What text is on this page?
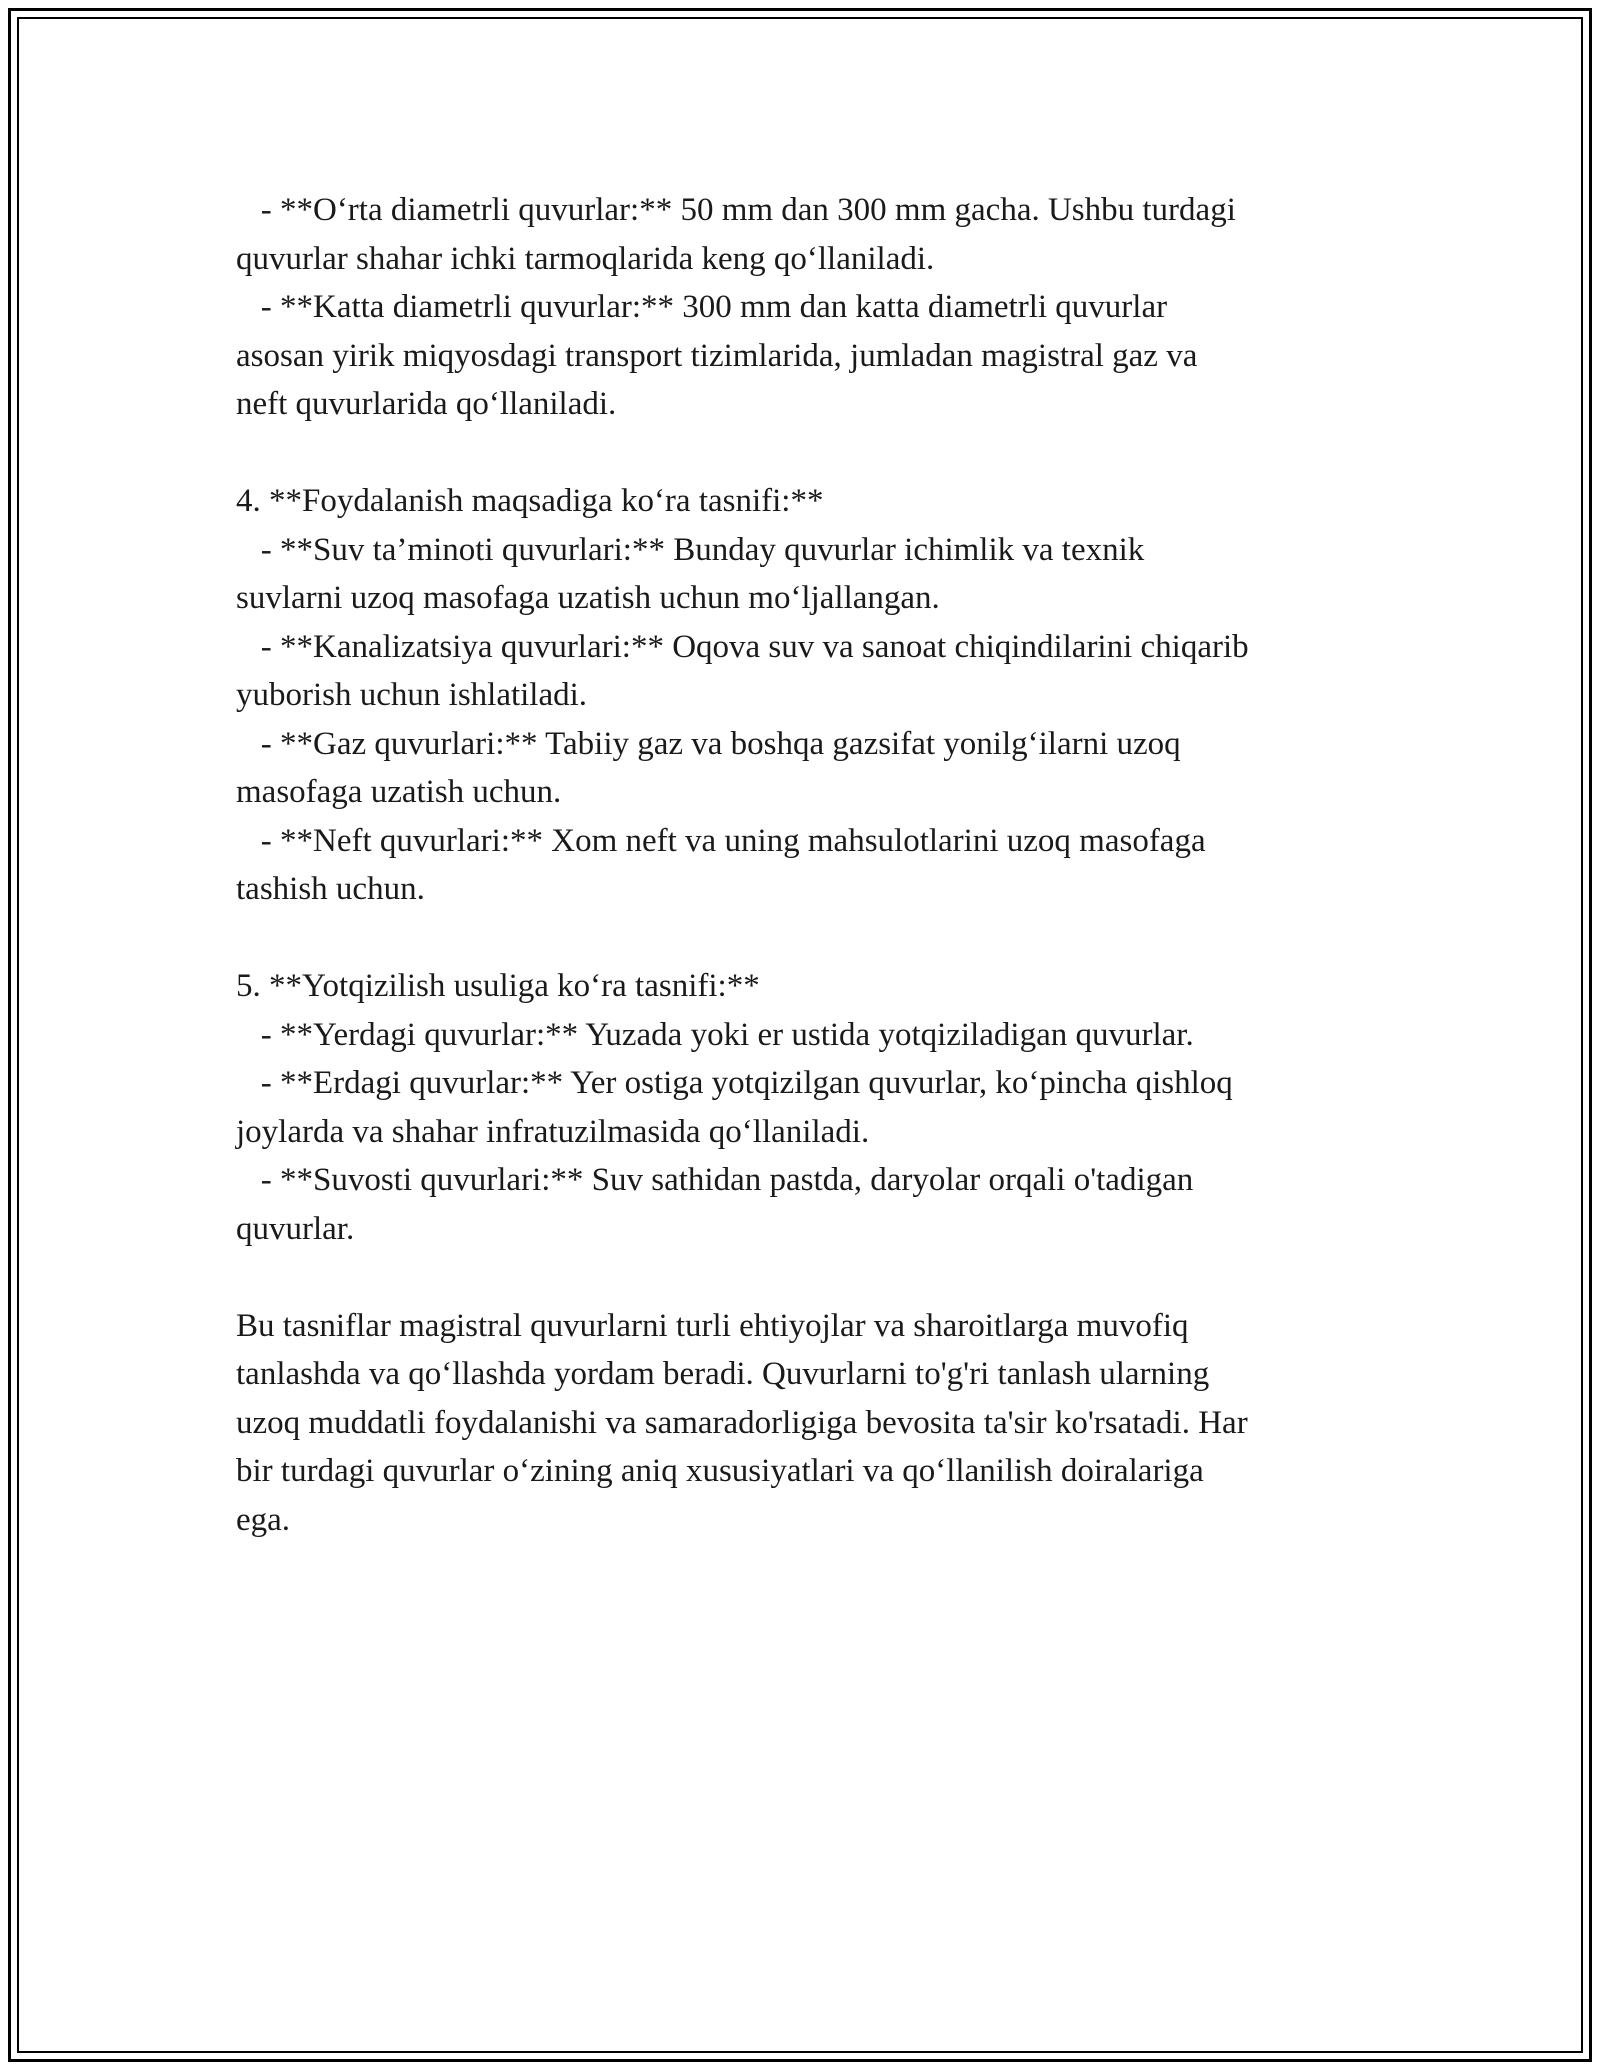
- **O‘rta diametrli quvurlar:** 50 mm dan 300 mm gacha. Ushbu turdagi
quvurlar shahar ichki tarmoqlarida keng qo‘llaniladi.
- **Katta diametrli quvurlar:** 300 mm dan katta diametrli quvurlar
asosan yirik miqyosdagi transport tizimlarida, jumladan magistral gaz va
neft quvurlarida qo‘llaniladi.
4. **Foydalanish maqsadiga ko‘ra tasnifi:**
- **Suv ta’minoti quvurlari:** Bunday quvurlar ichimlik va texnik
suvlarni uzoq masofaga uzatish uchun mo‘ljallangan.
- **Kanalizatsiya quvurlari:** Oqova suv va sanoat chiqindilarini chiqarib
yuborish uchun ishlatiladi.
- **Gaz quvurlari:** Tabiiy gaz va boshqa gazsifat yonilg‘ilarni uzoq
masofaga uzatish uchun.
- **Neft quvurlari:** Xom neft va uning mahsulotlarini uzoq masofaga
tashish uchun.
5. **Yotqizilish usuliga ko‘ra tasnifi:**
- **Yerdagi quvurlar:** Yuzada yoki er ustida yotqiziladigan quvurlar.
- **Erdagi quvurlar:** Yer ostiga yotqizilgan quvurlar, ko‘pincha qishloq
joylarda va shahar infratuzilmasida qo‘llaniladi.
- **Suvosti quvurlari:** Suv sathidan pastda, daryolar orqali o'tadigan
quvurlar.
Bu tasniflar magistral quvurlarni turli ehtiyojlar va sharoitlarga muvofiq
tanlashda va qo‘llashda yordam beradi. Quvurlarni to'g'ri tanlash ularning
uzoq muddatli foydalanishi va samaradorligiga bevosita ta'sir ko'rsatadi. Har
bir turdagi quvurlar o‘zining aniq xususiyatlari va qo‘llanilish doiralariga
ega.
